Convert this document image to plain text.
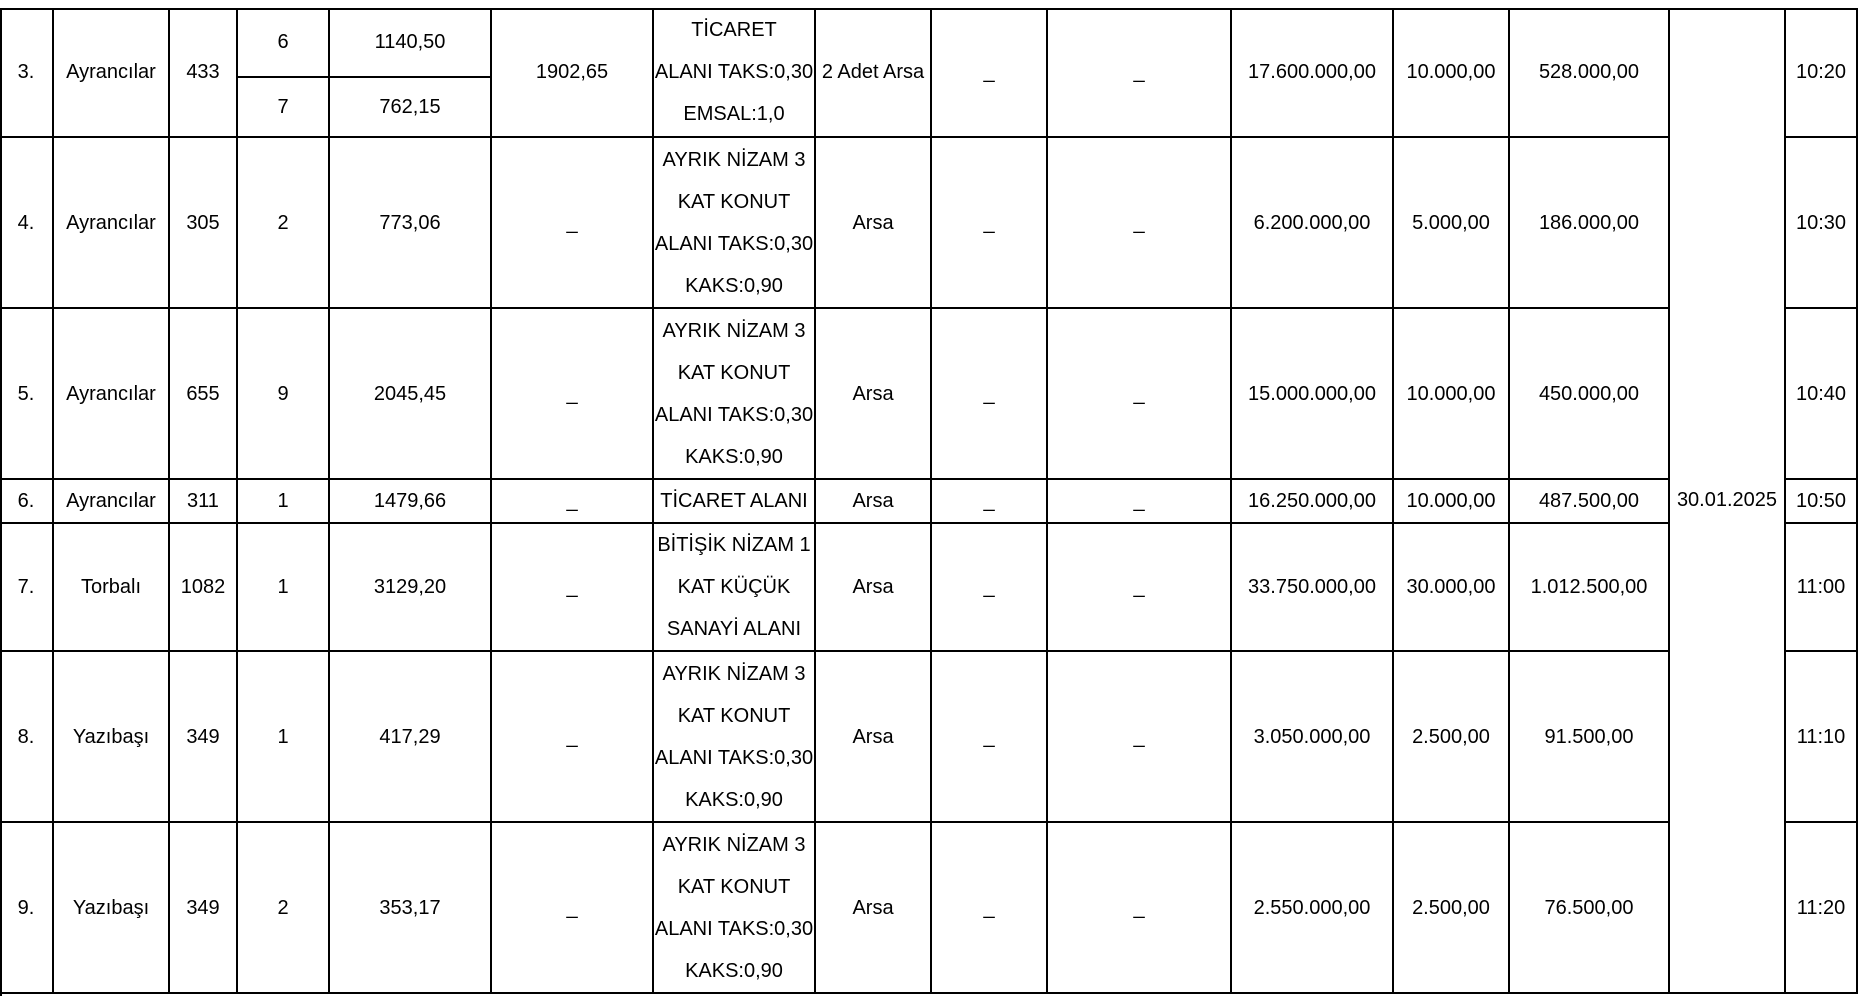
3.	Ayrancılar	433
6	1140,50
7	762,15
1902,65
TİCARET
ALANI TAKS:0,30
EMSAL:1,0
2 Adet Arsa	_	_	17.600.000,00	10.000,00	528.000,00	10:20
4.	Ayrancılar	305	2	773,06	_
AYRIK NİZAM 3
KAT KONUT
ALANI TAKS:0,30
KAKS:0,90
Arsa	_	_	6.200.000,00	5.000,00	186.000,00	10:30
5.	Ayrancılar	655	9	2045,45	_
AYRIK NİZAM 3
KAT KONUT
ALANI TAKS:0,30
KAKS:0,90
Arsa	_	_	15.000.000,00	10.000,00	450.000,00	10:40
6.	Ayrancılar	311	1	1479,66	_	TİCARET ALANI	Arsa	_	_	16.250.000,00	10.000,00	487.500,00	10:50
7.	Torbalı	1082	1	3129,20	_
BİTİŞİK NİZAM 1
KAT KÜÇÜK
SANAYİ ALANI
Arsa	_	_	33.750.000,00	30.000,00	1.012.500,00	11:00
8.	Yazıbaşı	349	1	417,29	_
AYRIK NİZAM 3
KAT KONUT
ALANI TAKS:0,30
KAKS:0,90
Arsa	_	_	3.050.000,00	2.500,00	91.500,00	11:10
9.	Yazıbaşı	349	2	353,17	_
AYRIK NİZAM 3
KAT KONUT
ALANI TAKS:0,30
KAKS:0,90
Arsa	_	_	2.550.000,00	2.500,00	76.500,00	11:20
30.01.2025
